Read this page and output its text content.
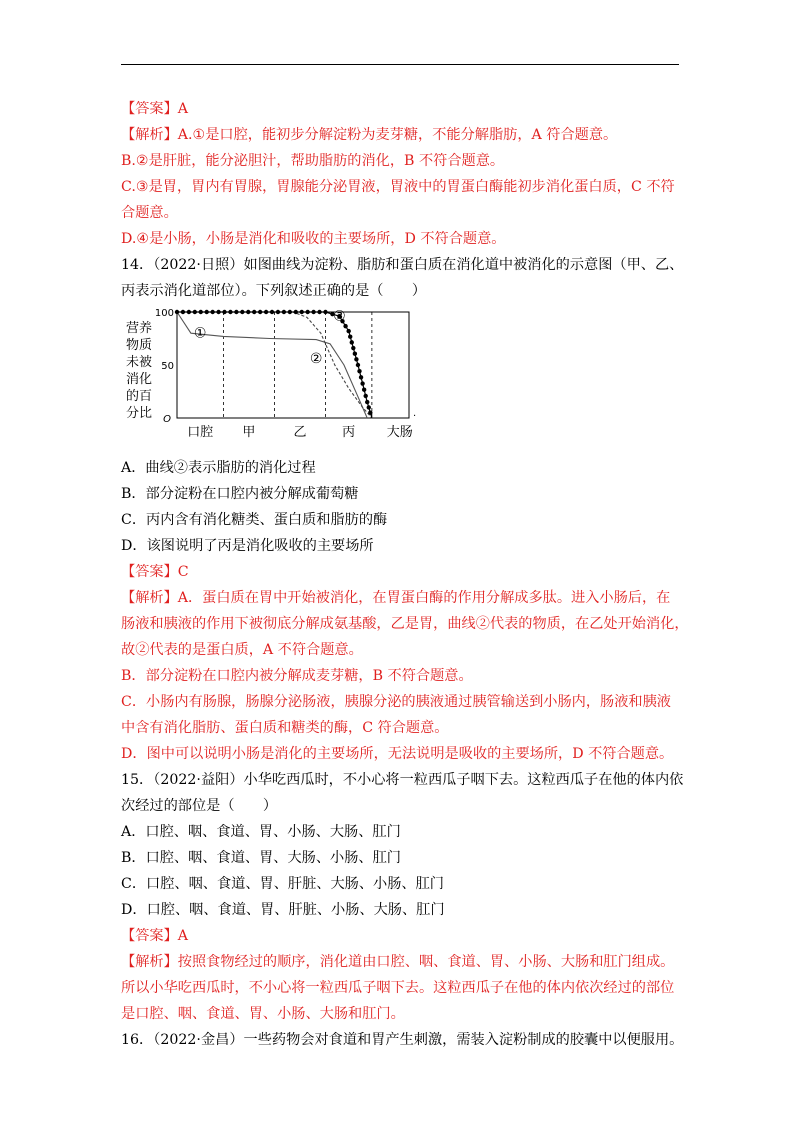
【答案】A
【解析】A.①是口腔，能初步分解淀粉为麦芽糖，不能分解脂肪，A 符合题意。
B.②是肝脏，能分泌胆汁，帮助脂肪的消化，B 不符合题意。
C.③是胃，胃内有胃腺，胃腺能分泌胃液，胃液中的胃蛋白酶能初步消化蛋白质，C 不符
合题意。
D.④是小肠，小肠是消化和吸收的主要场所，D 不符合题意。
14．（2022·日照）如图曲线为淀粉、脂肪和蛋白质在消化道中被消化的示意图（甲、乙、
丙表示消化道部位）。下列叙述正确的是（　　）
A．曲线②表示脂肪的消化过程
B．部分淀粉在口腔内被分解成葡萄糖
C．丙内含有消化糖类、蛋白质和脂肪的酶
D．该图说明了丙是消化吸收的主要场所
【答案】C
【解析】A．蛋白质在胃中开始被消化，在胃蛋白酶的作用分解成多肽。进入小肠后，在
肠液和胰液的作用下被彻底分解成氨基酸，乙是胃，曲线②代表的物质，在乙处开始消化，
故②代表的是蛋白质，A 不符合题意。
B．部分淀粉在口腔内被分解成麦芽糖，B 不符合题意。
C．小肠内有肠腺，肠腺分泌肠液，胰腺分泌的胰液通过胰管输送到小肠内，肠液和胰液
中含有消化脂肪、蛋白质和糖类的酶，C 符合题意。
D．图中可以说明小肠是消化的主要场所，无法说明是吸收的主要场所，D 不符合题意。
15．（2022·益阳）小华吃西瓜时，不小心将一粒西瓜子咽下去。这粒西瓜子在他的体内依
次经过的部位是（　　）
A．口腔、咽、食道、胃、小肠、大肠、肛门
B．口腔、咽、食道、胃、大肠、小肠、肛门
C．口腔、咽、食道、胃、肝脏、大肠、小肠、肛门
D．口腔、咽、食道、胃、肝脏、小肠、大肠、肛门
【答案】A
【解析】按照食物经过的顺序，消化道由口腔、咽、食道、胃、小肠、大肠和肛门组成。
所以小华吃西瓜时，不小心将一粒西瓜子咽下去。这粒西瓜子在他的体内依次经过的部位
是口腔、咽、食道、胃、小肠、大肠和肛门。
16．（2022·金昌）一些药物会对食道和胃产生刺激，需装入淀粉制成的胶囊中以便服用。
O
50
100
营养
物质
未被
消化
的百
分比
口腔 甲	乙	丙 大肠
.
①
②
③
